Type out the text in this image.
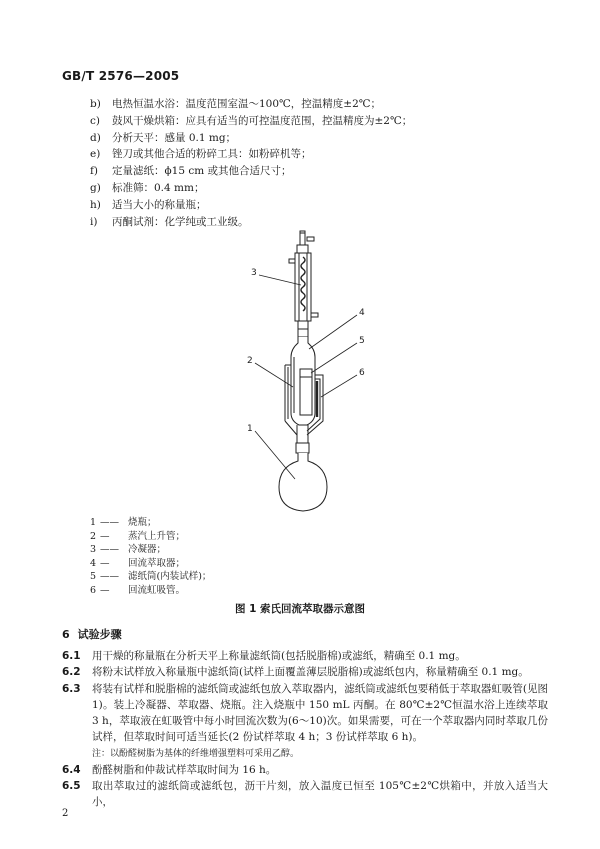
GB/T 2576—2005
b)	电热恒温水浴：温度范围室温～100℃，控温精度±2℃；
c)	鼓风干燥烘箱：应具有适当的可控温度范围，控温精度为±2℃；
d)	分析天平：感量 0.1 mg；
e)	锉刀或其他合适的粉碎工具：如粉碎机等；
f)	定量滤纸：ϕ15 cm 或其他合适尺寸；
g)	标准筛：0.4 mm；
h)	适当大小的称量瓶；
i)	丙酮试剂：化学纯或工业级。
3
4
2
5
6
1
1 —— 烧瓶；
2 —	蒸汽上升管；
3 —— 冷凝器；
4 —	回流萃取器；
5 —— 滤纸筒(内装试样)；
6 —	回流虹吸管。
图 1 索氏回流萃取器示意图
6 试验步骤
6.1 用干燥的称量瓶在分析天平上称量滤纸筒(包括脱脂棉)或滤纸，精确至 0.1 mg。
6.2 将粉末试样放入称量瓶中滤纸筒(试样上面覆盖薄层脱脂棉)或滤纸包内，称量精确至 0.1 mg。
6.3 将装有试样和脱脂棉的滤纸筒或滤纸包放入萃取器内，滤纸筒或滤纸包要稍低于萃取器虹吸管(见图 1)。装上冷凝器、萃取器、烧瓶。注入烧瓶中 150 mL 丙酮。在 80℃±2℃恒温水浴上连续萃取 3 h，萃取液在虹吸管中每小时回流次数为(6～10)次。如果需要，可在一个萃取器内同时萃取几份试样，但萃取时间可适当延长(2 份试样萃取 4 h；3 份试样萃取 6 h)。
注：以酚醛树脂为基体的纤维增强塑料可采用乙醇。
6.4 酚醛树脂和仲裁试样萃取时间为 16 h。
6.5 取出萃取过的滤纸筒或滤纸包，沥干片刻，放入温度已恒至 105℃±2℃烘箱中，并放入适当大小，
2
